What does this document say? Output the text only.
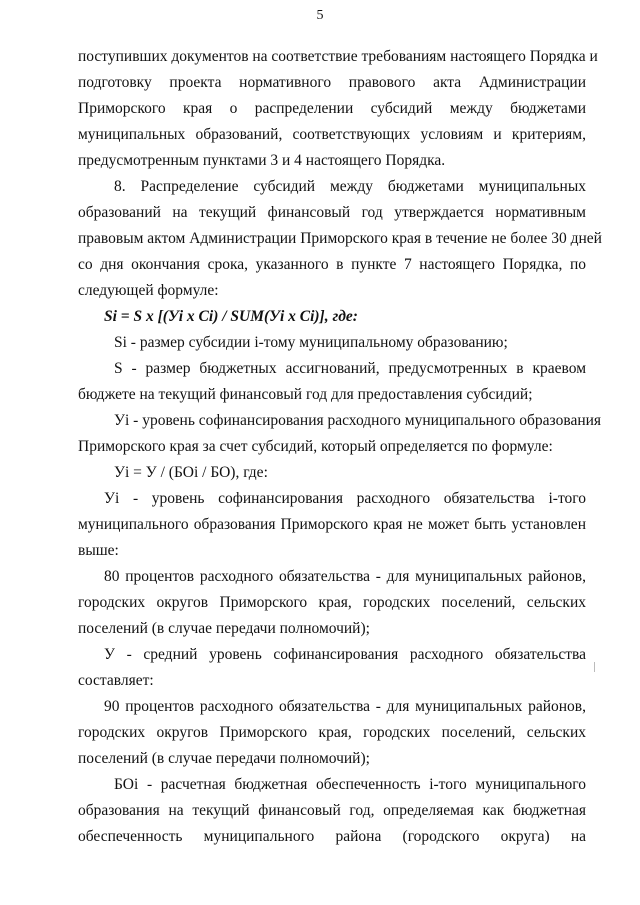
5
поступивших документов на соответствие требованиям настоящего Порядка и
подготовку проекта нормативного правового акта Администрации
Приморского края о распределении субсидий между бюджетами
муниципальных образований, соответствующих условиям и критериям,
предусмотренным пунктами 3 и 4 настоящего Порядка.
8. Распределение субсидий между бюджетами муниципальных
образований на текущий финансовый год утверждается нормативным
правовым актом Администрации Приморского края в течение не более 30 дней
со дня окончания срока, указанного в пункте 7 настоящего Порядка, по
следующей формуле:
Si = S x [(Уi x Ci) / SUM(Уi x Ci)], где:
Si - размер субсидии i-тому муниципальному образованию;
S - размер бюджетных ассигнований, предусмотренных в краевом
бюджете на текущий финансовый год для предоставления субсидий;
Уi - уровень софинансирования расходного муниципального образования
Приморского края за счет субсидий, который определяется по формуле:
Уi = У / (БОi / БО), где:
Уi - уровень софинансирования расходного обязательства i-того
муниципального образования Приморского края не может быть установлен
выше:
80 процентов расходного обязательства - для муниципальных районов,
городских округов Приморского края, городских поселений, сельских
поселений (в случае передачи полномочий);
У - средний уровень софинансирования расходного обязательства
составляет:
90 процентов расходного обязательства - для муниципальных районов,
городских округов Приморского края, городских поселений, сельских
поселений (в случае передачи полномочий);
БОi - расчетная бюджетная обеспеченность i-того муниципального
образования на текущий финансовый год, определяемая как бюджетная
обеспеченность муниципального района (городского округа) на
